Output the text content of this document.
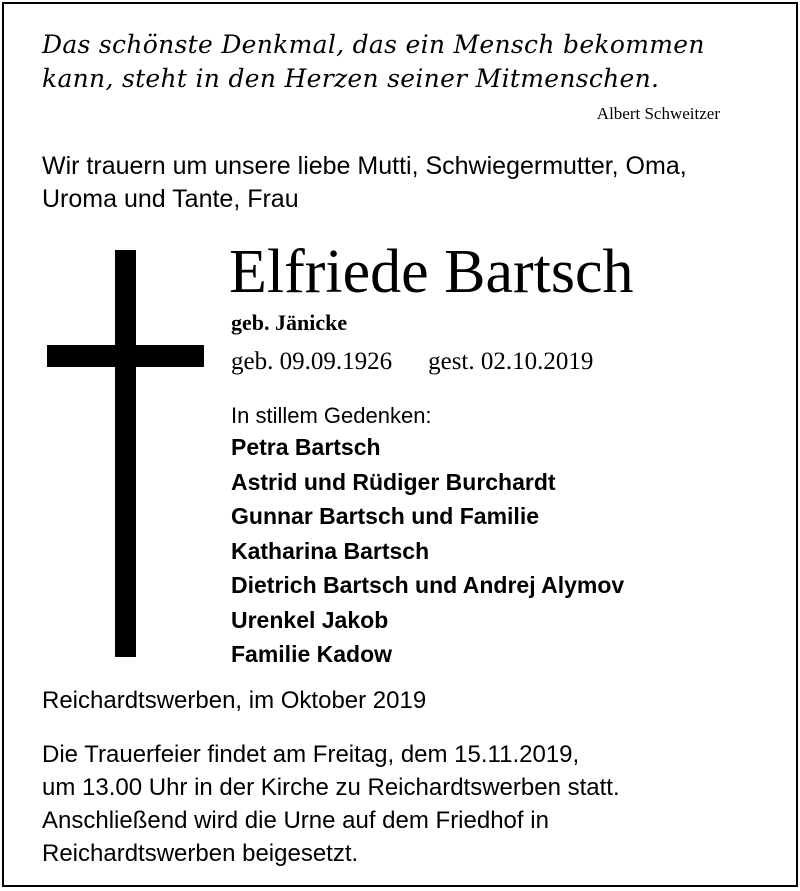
Das schönste Denkmal, das ein Mensch bekommen
kann, steht in den Herzen seiner Mitmenschen.
Albert Schweitzer
Wir trauern um unsere liebe Mutti, Schwiegermutter, Oma,
Uroma und Tante, Frau
Elfriede Bartsch
geb. Jänicke
geb. 09.09.1926 gest. 02.10.2019
In stillem Gedenken:
Petra Bartsch
Astrid und Rüdiger Burchardt
Gunnar Bartsch und Familie
Katharina Bartsch
Dietrich Bartsch und Andrej Alymov
Urenkel Jakob
Familie Kadow
Reichardtswerben, im Oktober 2019

Die Trauerfeier findet am Freitag, dem 15.11.2019,

um 13.00 Uhr in der Kirche zu Reichardtswerben statt.

Anschließend wird die Urne auf dem Friedhof in

Reichardtswerben beigesetzt.
